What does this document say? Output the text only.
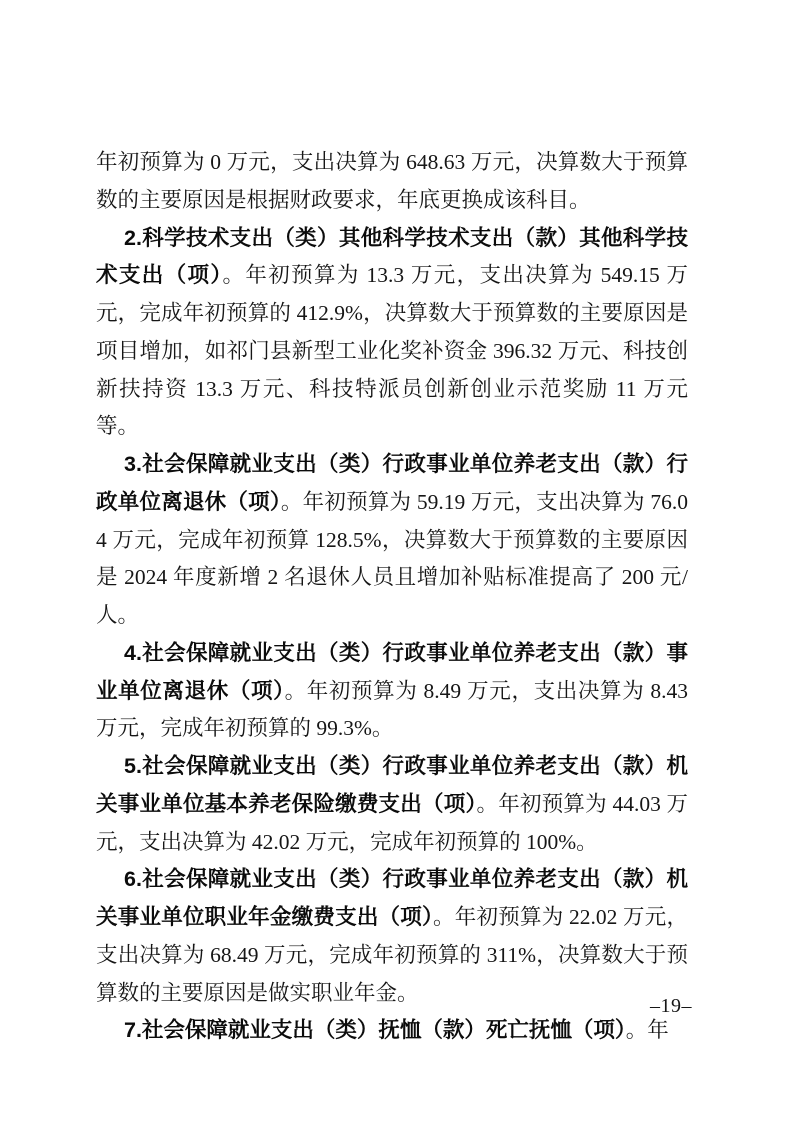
年初预算为 0 万元，支出决算为 648.63 万元，决算数大于预算数的主要原因是根据财政要求，年底更换成该科目。

2.科学技术支出（类）其他科学技术支出（款）其他科学技术支出（项）。年初预算为 13.3 万元，支出决算为 549.15 万元，完成年初预算的 412.9%，决算数大于预算数的主要原因是项目增加，如祁门县新型工业化奖补资金 396.32 万元、科技创新扶持资 13.3 万元、科技特派员创新创业示范奖励 11 万元等。

3.社会保障就业支出（类）行政事业单位养老支出（款）行政单位离退休（项）。年初预算为 59.19 万元，支出决算为 76.04 万元，完成年初预算 128.5%，决算数大于预算数的主要原因是 2024 年度新增 2 名退休人员且增加补贴标准提高了 200 元/人。

4.社会保障就业支出（类）行政事业单位养老支出（款）事业单位离退休（项）。年初预算为 8.49 万元，支出决算为 8.43 万元，完成年初预算的 99.3%。

5.社会保障就业支出（类）行政事业单位养老支出（款）机关事业单位基本养老保险缴费支出（项）。年初预算为 44.03 万元，支出决算为 42.02 万元，完成年初预算的 100%。

6.社会保障就业支出（类）行政事业单位养老支出（款）机关事业单位职业年金缴费支出（项）。年初预算为 22.02 万元，支出决算为 68.49 万元，完成年初预算的 311%，决算数大于预算数的主要原因是做实职业年金。

7.社会保障就业支出（类）抚恤（款）死亡抚恤（项）。年

–19–
